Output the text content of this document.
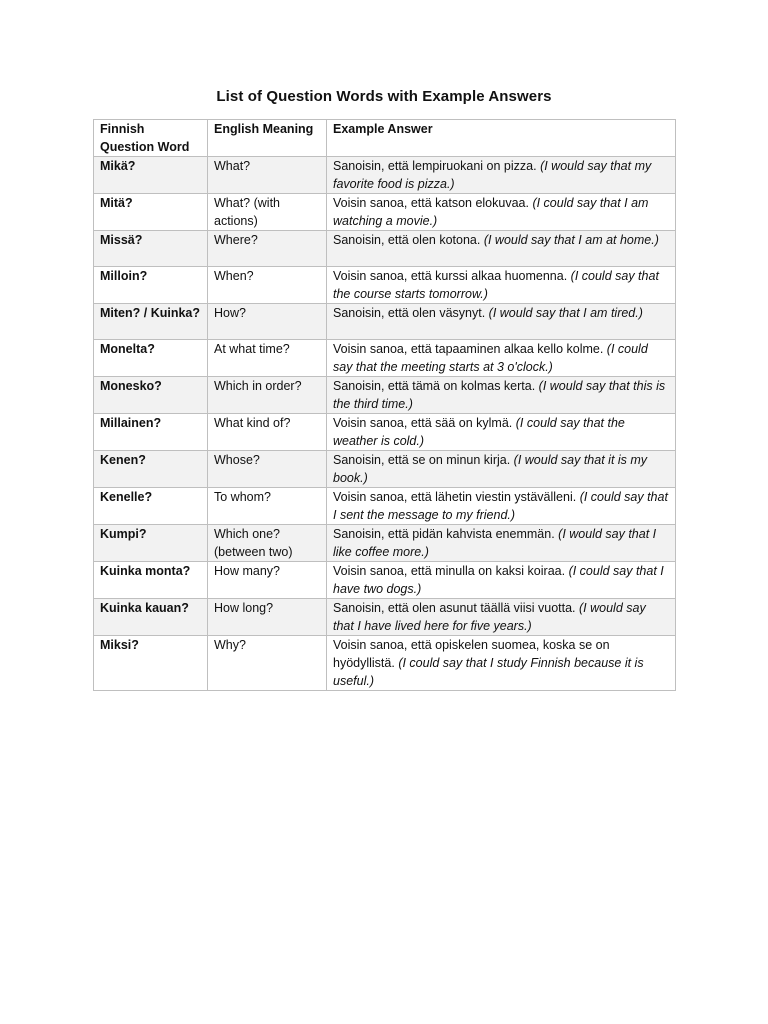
List of Question Words with Example Answers
Finnish Question Word	English Meaning	Example Answer
Mikä?	What?	Sanoisin, että lempiruokani on pizza. (I would say that my favorite food is pizza.)
Mitä?	What? (with actions)	Voisin sanoa, että katson elokuvaa. (I could say that I am watching a movie.)
Missä?	Where?	Sanoisin, että olen kotona. (I would say that I am at home.)
Milloin?	When?	Voisin sanoa, että kurssi alkaa huomenna. (I could say that the course starts tomorrow.)
Miten? / Kuinka?	How?	Sanoisin, että olen väsynyt. (I would say that I am tired.)
Monelta?	At what time?	Voisin sanoa, että tapaaminen alkaa kello kolme. (I could say that the meeting starts at 3 o'clock.)
Monesko?	Which in order?	Sanoisin, että tämä on kolmas kerta. (I would say that this is the third time.)
Millainen?	What kind of?	Voisin sanoa, että sää on kylmä. (I could say that the weather is cold.)
Kenen?	Whose?	Sanoisin, että se on minun kirja. (I would say that it is my book.)
Kenelle?	To whom?	Voisin sanoa, että lähetin viestin ystävälleni. (I could say that I sent the message to my friend.)
Kumpi?	Which one? (between two)	Sanoisin, että pidän kahvista enemmän. (I would say that I like coffee more.)
Kuinka monta?	How many?	Voisin sanoa, että minulla on kaksi koiraa. (I could say that I have two dogs.)
Kuinka kauan?	How long?	Sanoisin, että olen asunut täällä viisi vuotta. (I would say that I have lived here for five years.)
Miksi?	Why?	Voisin sanoa, että opiskelen suomea, koska se on hyödyllistä. (I could say that I study Finnish because it is useful.)
